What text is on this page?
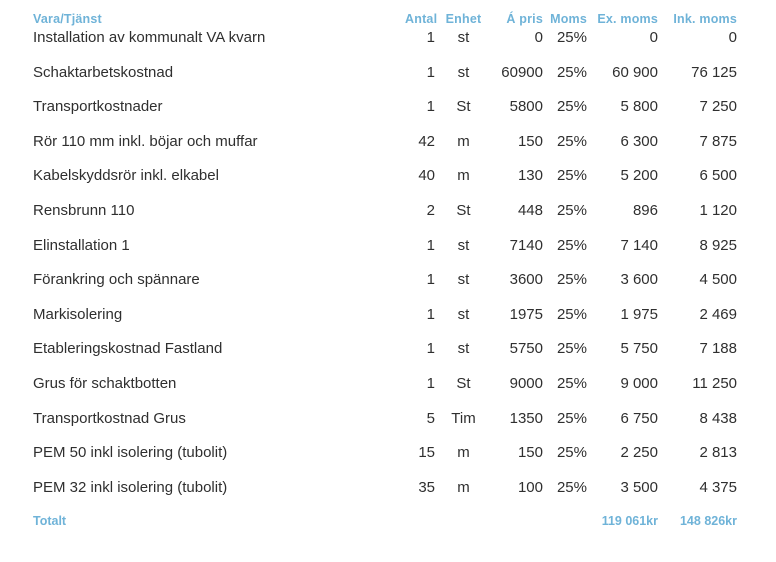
Vara/Tjänst	Antal	Enhet	Á pris	Moms	Ex. moms	Ink. moms
Installation av kommunalt VA kvarn	1	st	0	25%	0	0
Schaktarbetskostnad	1	st	60900	25%	60 900	76 125
Transportkostnader	1	St	5800	25%	5 800	7 250
Rör 110 mm inkl. böjar och muffar	42	m	150	25%	6 300	7 875
Kabelskyddsrör inkl. elkabel	40	m	130	25%	5 200	6 500
Rensbrunn 110	2	St	448	25%	896	1 120
Elinstallation 1	1	st	7140	25%	7 140	8 925
Förankring och spännare	1	st	3600	25%	3 600	4 500
Markisolering	1	st	1975	25%	1 975	2 469
Etableringskostnad Fastland	1	st	5750	25%	5 750	7 188
Grus för schaktbotten	1	St	9000	25%	9 000	11 250
Transportkostnad Grus	5	Tim	1350	25%	6 750	8 438
PEM 50 inkl isolering (tubolit)	15	m	150	25%	2 250	2 813
PEM 32 inkl isolering (tubolit)	35	m	100	25%	3 500	4 375
Totalt					119 061kr	148 826kr
